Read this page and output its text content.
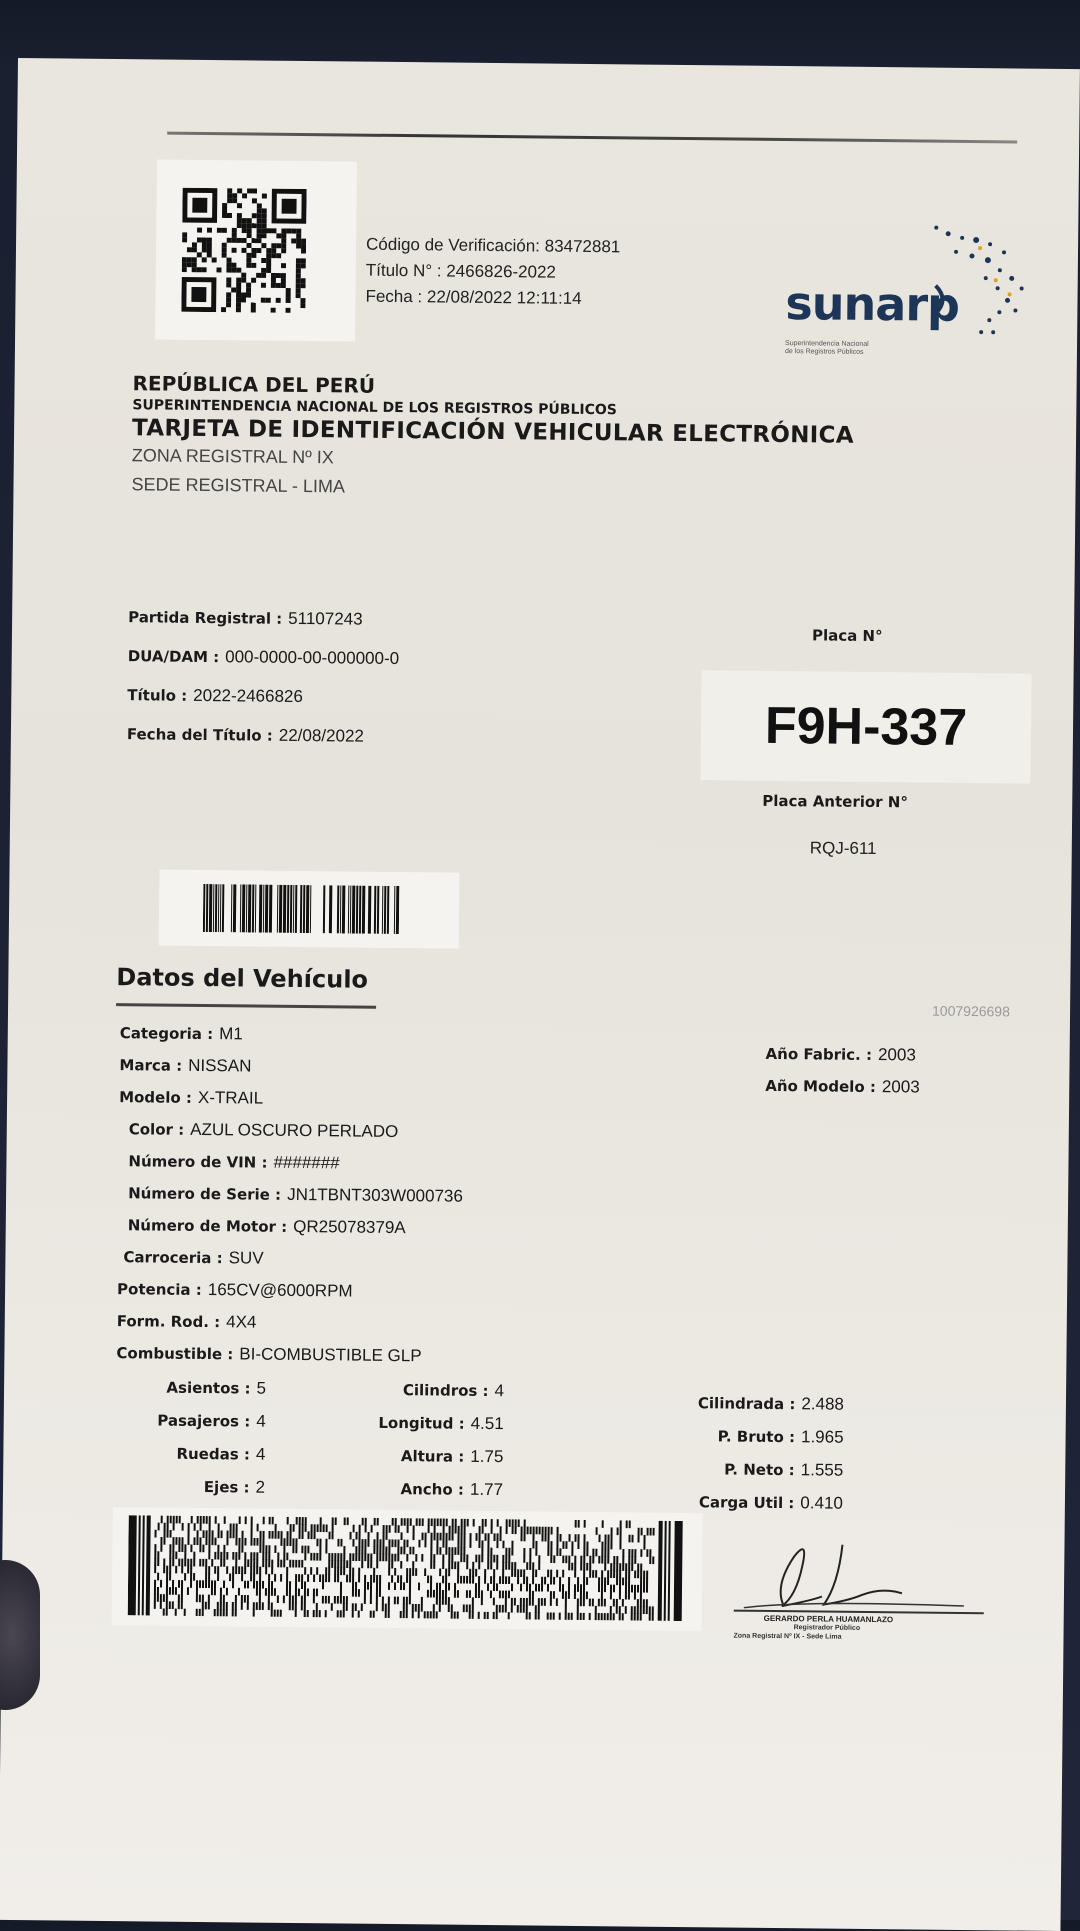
Código de Verificación: 83472881
Título N° : 2466826-2022
Fecha : 22/08/2022 12:11:14	sunarp
Superintendencia Nacional
de los Registros Públicos
REPÚBLICA DEL PERÚ
SUPERINTENDENCIA NACIONAL DE LOS REGISTROS PÚBLICOS
TARJETA DE IDENTIFICACIÓN VEHICULAR ELECTRÓNICA
ZONA REGISTRAL Nº IX
SEDE REGISTRAL - LIMA
Partida Registral : 51107243
DUA/DAM : 000-0000-00-000000-0
Título : 2022-2466826
Fecha del Título : 22/08/2022
Placa N°
F9H-337
Placa Anterior N°
RQJ-611
Datos del Vehículo
1007926698
Categoria : M1
Marca : NISSAN
Modelo : X-TRAIL
Color : AZUL OSCURO PERLADO
Número de VIN : #######
Número de Serie : JN1TBNT303W000736
Número de Motor : QR25078379A
Carroceria : SUV
Potencia : 165CV@6000RPM
Form. Rod. : 4X4
Combustible : BI-COMBUSTIBLE GLP
Año Fabric. : 2003
Año Modelo : 2003
Asientos : 5
Pasajeros : 4
Ruedas : 4
Ejes : 2
Cilindros : 4
Longitud : 4.51
Altura : 1.75
Ancho : 1.77
Cilindrada : 2.488
P. Bruto : 1.965
P. Neto : 1.555
Carga Util : 0.410
GERARDO PERLA HUAMANLAZO
Registrador Público
Zona Registral Nº IX - Sede Lima
